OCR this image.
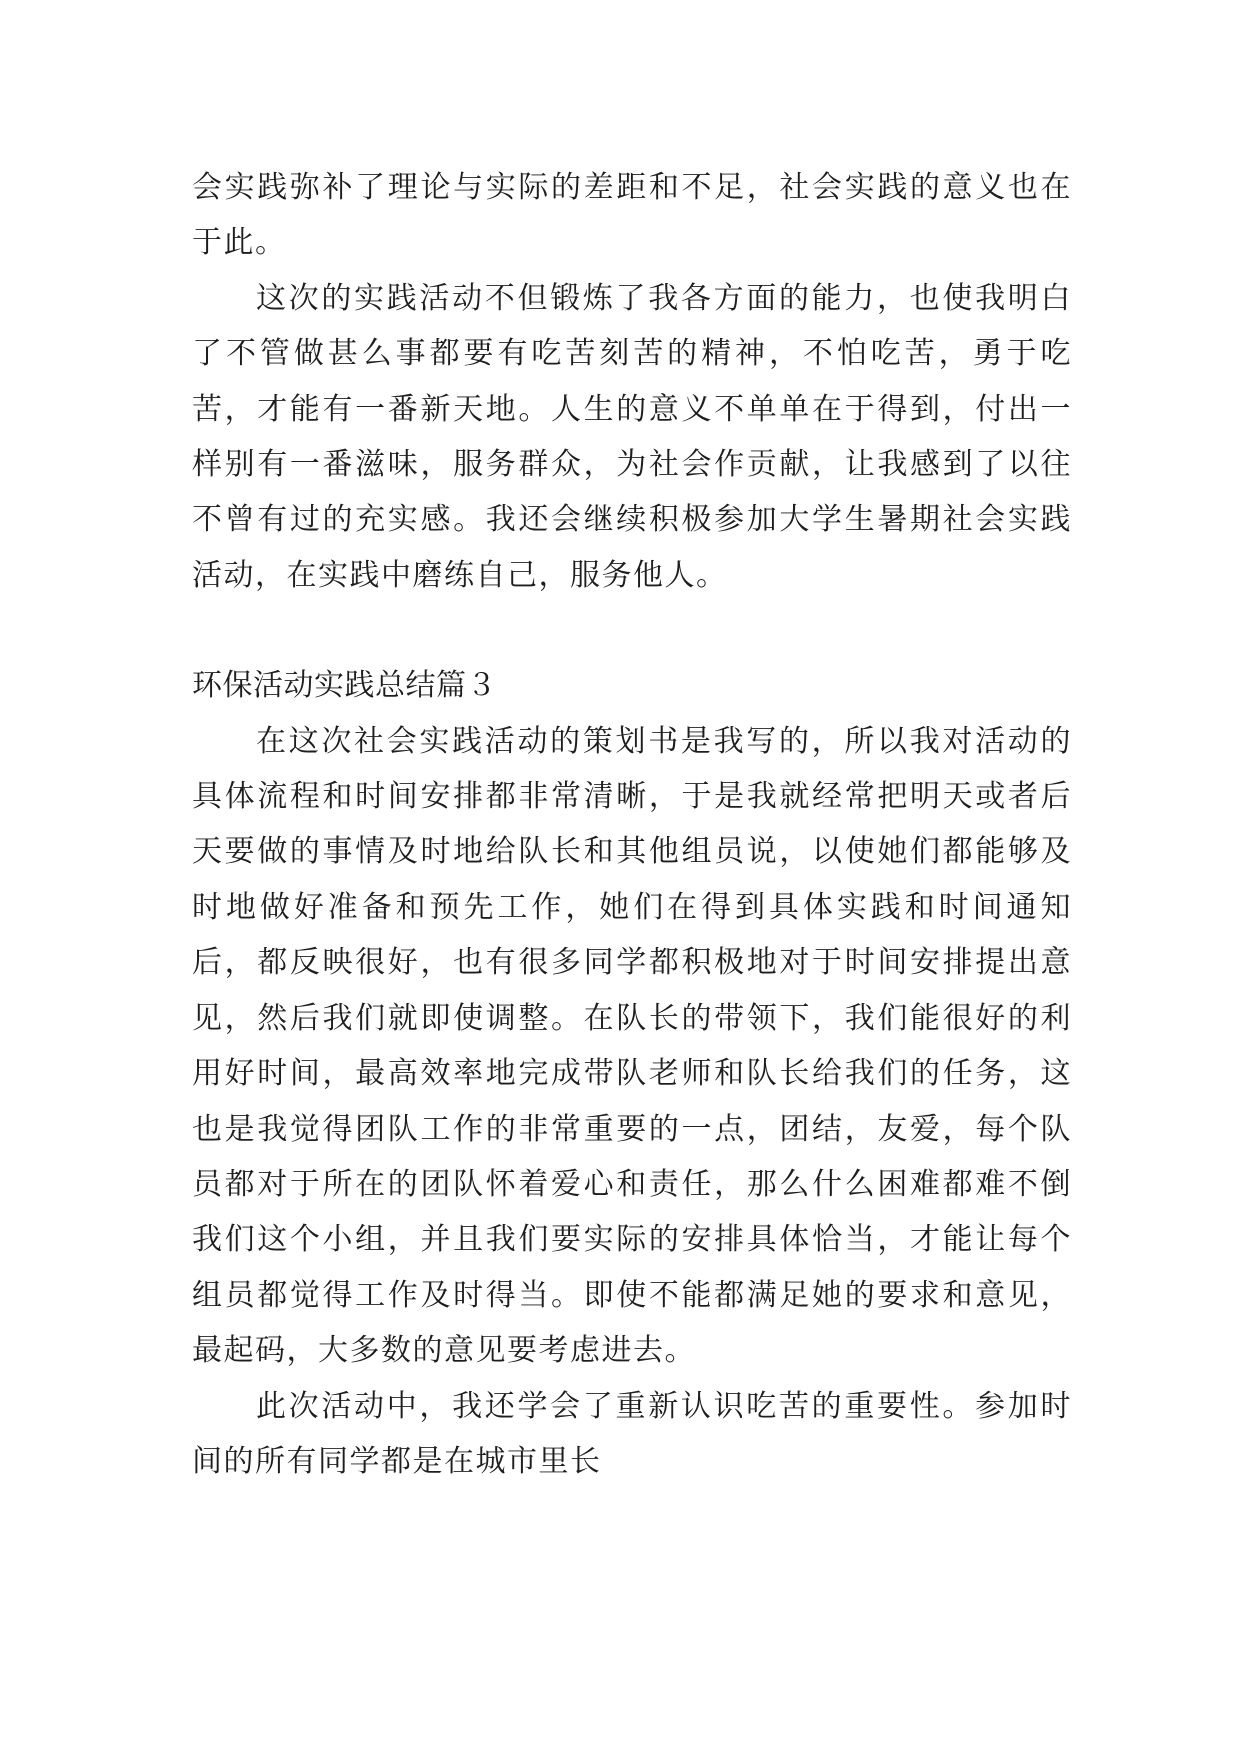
会实践弥补了理论与实际的差距和不足，社会实践的意义也在于此。

这次的实践活动不但锻炼了我各方面的能力，也使我明白了不管做甚么事都要有吃苦刻苦的精神，不怕吃苦，勇于吃苦，才能有一番新天地。人生的意义不单单在于得到，付出一样别有一番滋味，服务群众，为社会作贡献，让我感到了以往不曾有过的充实感。我还会继续积极参加大学生暑期社会实践活动，在实践中磨练自己，服务他人。

环保活动实践总结篇３

在这次社会实践活动的策划书是我写的，所以我对活动的具体流程和时间安排都非常清晰，于是我就经常把明天或者后天要做的事情及时地给队长和其他组员说，以使她们都能够及时地做好准备和预先工作，她们在得到具体实践和时间通知后，都反映很好，也有很多同学都积极地对于时间安排提出意见，然后我们就即使调整。在队长的带领下，我们能很好的利用好时间，最高效率地完成带队老师和队长给我们的任务，这也是我觉得团队工作的非常重要的一点，团结，友爱，每个队员都对于所在的团队怀着爱心和责任，那么什么困难都难不倒我们这个小组，并且我们要实际的安排具体恰当，才能让每个组员都觉得工作及时得当。即使不能都满足她的要求和意见，最起码，大多数的意见要考虑进去。

此次活动中，我还学会了重新认识吃苦的重要性。参加时间的所有同学都是在城市里长
